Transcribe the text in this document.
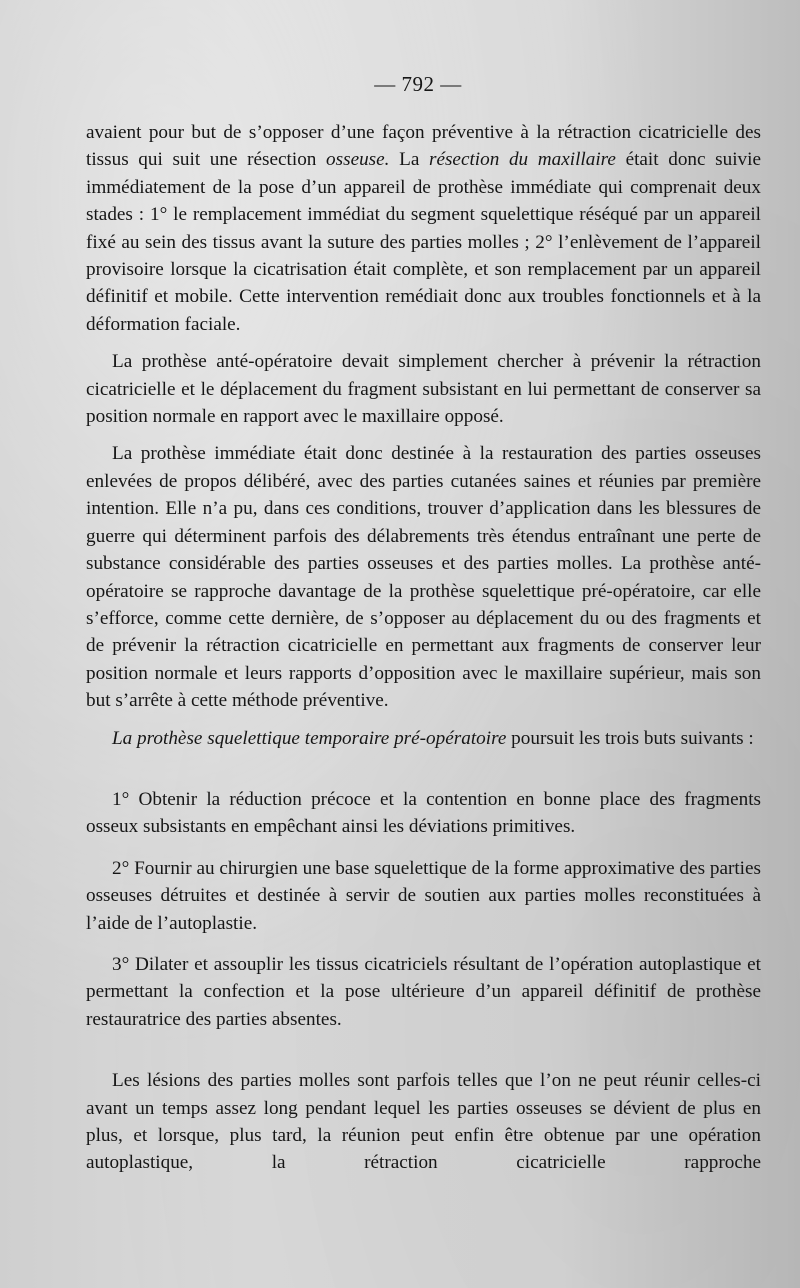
— 792 —

avaient pour but de s’opposer d’une façon préventive à la rétraction cicatricielle des tissus qui suit une résection osseuse. La résection du maxillaire était donc suivie immédiatement de la pose d’un appareil de prothèse immédiate qui comprenait deux stades : 1° le remplacement immédiat du segment squelettique réséqué par un appareil fixé au sein des tissus avant la suture des parties molles ; 2° l’enlèvement de l’appareil provisoire lorsque la cicatrisation était complète, et son remplacement par un appareil définitif et mobile. Cette intervention remédiait donc aux troubles fonctionnels et à la déformation faciale.

La prothèse anté-opératoire devait simplement chercher à prévenir la rétraction cicatricielle et le déplacement du fragment subsistant en lui permettant de conserver sa position normale en rapport avec le maxillaire opposé.

La prothèse immédiate était donc destinée à la restauration des parties osseuses enlevées de propos délibéré, avec des parties cutanées saines et réunies par première intention. Elle n’a pu, dans ces conditions, trouver d’application dans les blessures de guerre qui déterminent parfois des délabrements très étendus entraînant une perte de substance considérable des parties osseuses et des parties molles. La prothèse anté-opératoire se rapproche davantage de la prothèse squelettique pré-opératoire, car elle s’efforce, comme cette dernière, de s’opposer au déplacement du ou des fragments et de prévenir la rétraction cicatricielle en permettant aux fragments de conserver leur position normale et leurs rapports d’opposition avec le maxillaire supérieur, mais son but s’arrête à cette méthode préventive.

La prothèse squelettique temporaire pré-opératoire poursuit les trois buts suivants :

1° Obtenir la réduction précoce et la contention en bonne place des fragments osseux subsistants en empêchant ainsi les déviations primitives.

2° Fournir au chirurgien une base squelettique de la forme approximative des parties osseuses détruites et destinée à servir de soutien aux parties molles reconstituées à l’aide de l’autoplastie.

3° Dilater et assouplir les tissus cicatriciels résultant de l’opération autoplastique et permettant la confection et la pose ultérieure d’un appareil définitif de prothèse restauratrice des parties absentes.

Les lésions des parties molles sont parfois telles que l’on ne peut réunir celles-ci avant un temps assez long pendant lequel les parties osseuses se dévient de plus en plus, et lorsque, plus tard, la réunion peut enfin être obtenue par une opération autoplastique, la rétraction cicatricielle rapproche
